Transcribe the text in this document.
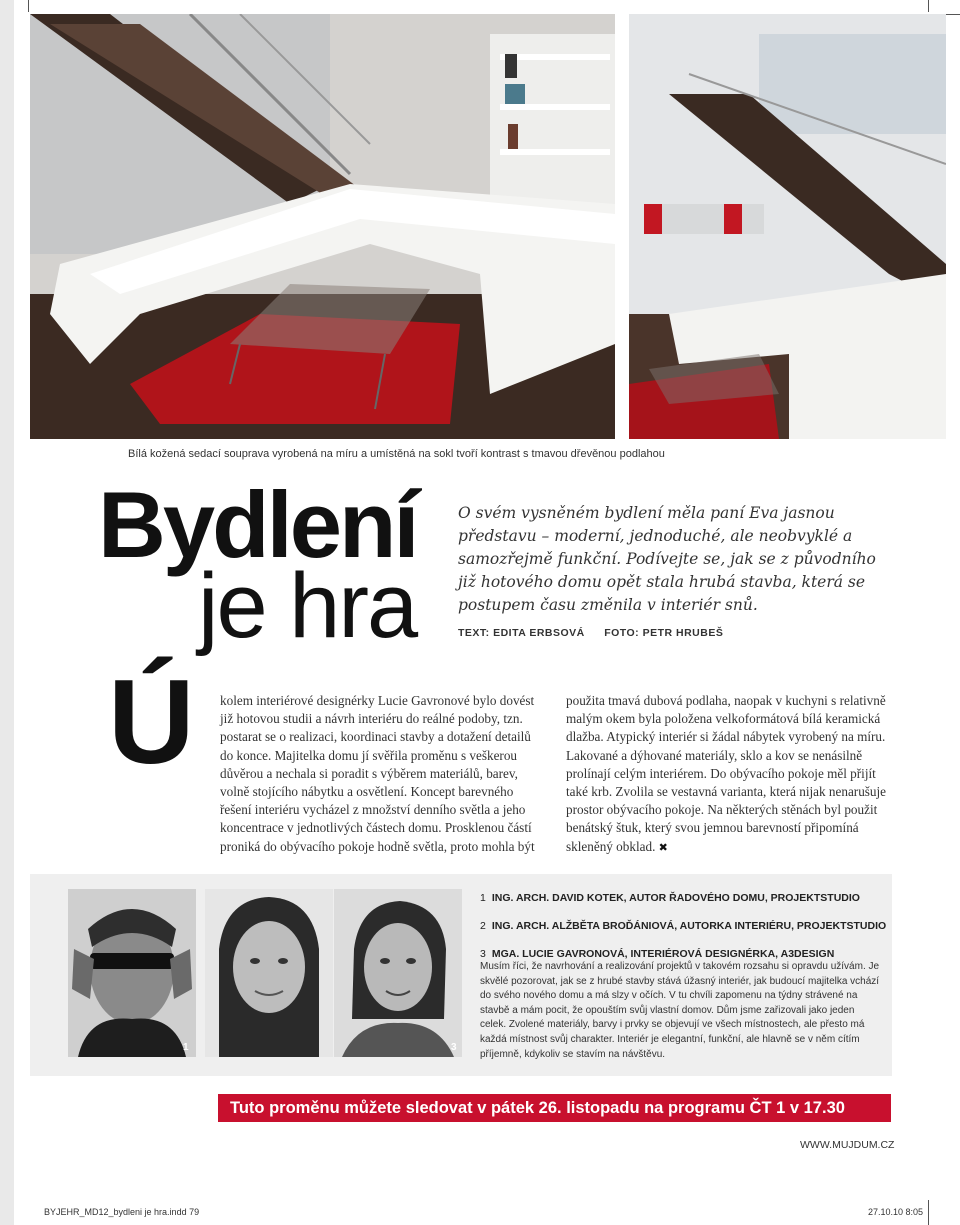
Bílá kožená sedací souprava vyrobená na míru a umístěná na sokl tvoří kontrast s tmavou dřevěnou podlahou
Bydlení
je hra
O svém vysněném bydlení měla paní Eva jasnou představu – moderní, jednoduché, ale neobvyklé a samozřejmě funkční. Podívejte se, jak se z původního již hotového domu opět stala hrubá stavba, která se postupem času změnila v interiér snů.
TEXT: EDITA ERBSOVÁ FOTO: PETR HRUBEŠ
Ú kolem interiérové designérky Lucie Gavronové bylo dovést již hotovou studii a návrh interiéru do reálné podoby, tzn. postarat se o realizaci, koordinaci stavby a dotažení detailů do konce. Majitelka domu jí svěřila proměnu s veškerou důvěrou a nechala si poradit s výběrem materiálů, barev, volně stojícího nábytku a osvětlení. Koncept barevného řešení interiéru vycházel z množství denního světla a jeho koncentrace v jednotlivých částech domu. Prosklenou částí proniká do obývacího pokoje hodně světla, proto mohla být
použita tmavá dubová podlaha, naopak v kuchyni s relativně malým okem byla položena velkoformátová bílá keramická dlažba. Atypický interiér si žádal nábytek vyrobený na míru. Lakované a dýhované materiály, sklo a kov se nenásilně prolínají celým interiérem. Do obývacího pokoje měl přijít také krb. Zvolila se vestavná varianta, která nijak nenarušuje prostor obývacího pokoje. Na některých stěnách byl použit benátský štuk, který svou jemnou barevností připomíná skleněný obklad. ✖
1	3
1 ING. ARCH. DAVID KOTEK, AUTOR ŘADOVÉHO DOMU, PROJEKTSTUDIO
2 ING. ARCH. ALŽBĚTA BROĎÁNIOVÁ, AUTORKA INTERIÉRU, PROJEKTSTUDIO
3 MGA. LUCIE GAVRONOVÁ, INTERIÉROVÁ DESIGNÉRKA, A3DESIGN
Musím říci, že navrhování a realizování projektů v takovém rozsahu si opravdu užívám. Je skvělé pozorovat, jak se z hrubé stavby stává úžasný interiér, jak budoucí majitelka vchází do svého nového domu a má slzy v očích. V tu chvíli zapomenu na týdny strávené na stavbě a mám pocit, že opouštím svůj vlastní domov. Dům jsme zařizovali jako jeden celek. Zvolené materiály, barvy i prvky se objevují ve všech místnostech, ale přesto má každá místnost svůj charakter. Interiér je elegantní, funkční, ale hlavně se v něm cítím příjemně, kdykoliv se stavím na návštěvu.
Tuto proměnu můžete sledovat v pátek 26. listopadu na programu ČT 1 v 17.30 hodin	WWW.MUJDUM.CZ
BYJEHR_MD12_bydleni je hra.indd 79	27.10.10 8:05
